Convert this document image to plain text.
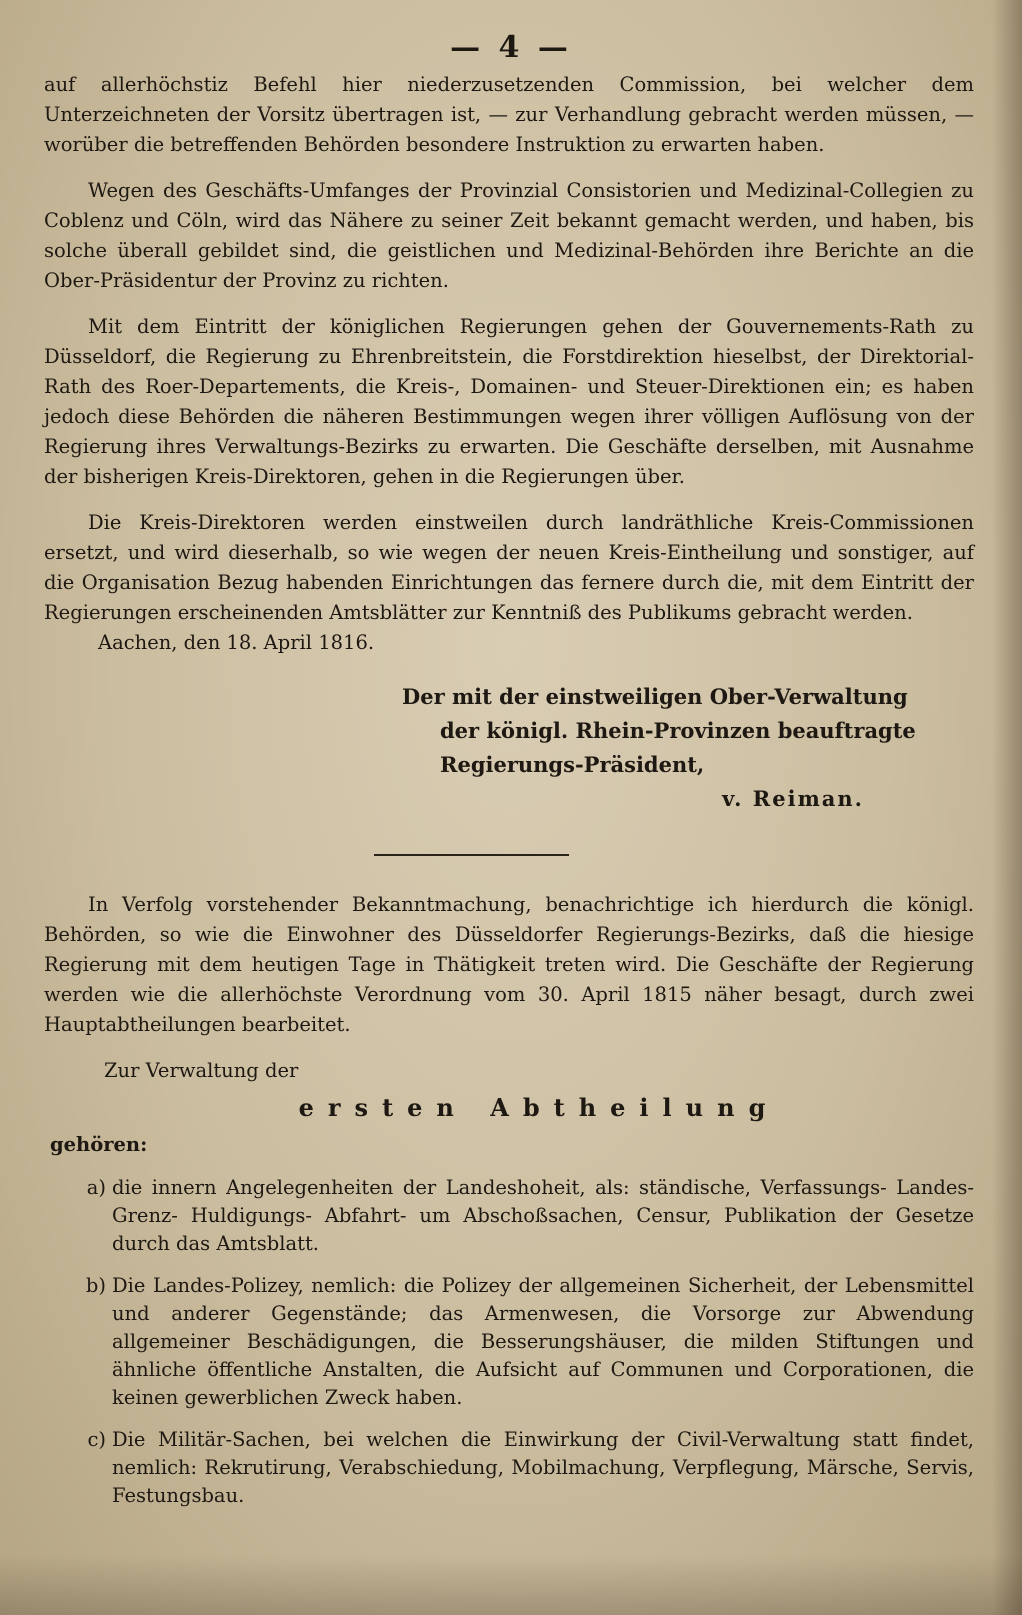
— 4 —

auf allerhöchstiz Befehl hier niederzusetzenden Commission, bei welcher dem Unterzeichneten der Vorsitz übertragen ist, — zur Verhandlung gebracht werden müssen, — worüber die betreffenden Behörden besondere Instruktion zu erwarten haben.

Wegen des Geschäfts-Umfanges der Provinzial Consistorien und Medizinal-Collegien zu Coblenz und Cöln, wird das Nähere zu seiner Zeit bekannt gemacht werden, und haben, bis solche überall gebildet sind, die geistlichen und Medizinal-Behörden ihre Berichte an die Ober-Präsidentur der Provinz zu richten.

Mit dem Eintritt der königlichen Regierungen gehen der Gouvernements-Rath zu Düsseldorf, die Regierung zu Ehrenbreitstein, die Forstdirektion hieselbst, der Direktorial-Rath des Roer-Departements, die Kreis-, Domainen- und Steuer-Direktionen ein; es haben jedoch diese Behörden die näheren Bestimmungen wegen ihrer völligen Auflösung von der Regierung ihres Verwaltungs-Bezirks zu erwarten. Die Geschäfte derselben, mit Ausnahme der bisherigen Kreis-Direktoren, gehen in die Regierungen über.

Die Kreis-Direktoren werden einstweilen durch landräthliche Kreis-Commissionen ersetzt, und wird dieserhalb, so wie wegen der neuen Kreis-Eintheilung und sonstiger, auf die Organisation Bezug habenden Einrichtungen das fernere durch die, mit dem Eintritt der Regierungen erscheinenden Amtsblätter zur Kenntniß des Publikums gebracht werden.

Aachen, den 18. April 1816.
Der mit der einstweiligen Ober-Verwaltung
der königl. Rhein-Provinzen beauftragte
Regierungs-Präsident,
v. Reiman.

In Verfolg vorstehender Bekanntmachung, benachrichtige ich hierdurch die königl. Behörden, so wie die Einwohner des Düsseldorfer Regierungs-Bezirks, daß die hiesige Regierung mit dem heutigen Tage in Thätigkeit treten wird. Die Geschäfte der Regierung werden wie die allerhöchste Verordnung vom 30. April 1815 näher besagt, durch zwei Hauptabtheilungen bearbeitet.

Zur Verwaltung der
ersten Abtheilung
gehören:
a) die innern Angelegenheiten der Landeshoheit, als: ständische, Verfassungs- Landes- Grenz- Huldigungs- Abfahrt- um Abschoßsachen, Censur, Publikation der Gesetze durch das Amtsblatt.
b) Die Landes-Polizey, nemlich: die Polizey der allgemeinen Sicherheit, der Lebensmittel und anderer Gegenstände; das Armenwesen, die Vorsorge zur Abwendung allgemeiner Beschädigungen, die Besserungshäuser, die milden Stiftungen und ähnliche öffentliche Anstalten, die Aufsicht auf Communen und Corporationen, die keinen gewerblichen Zweck haben.
c) Die Militär-Sachen, bei welchen die Einwirkung der Civil-Verwaltung statt findet, nemlich: Rekrutirung, Verabschiedung, Mobilmachung, Verpflegung, Märsche, Servis, Festungsbau.
